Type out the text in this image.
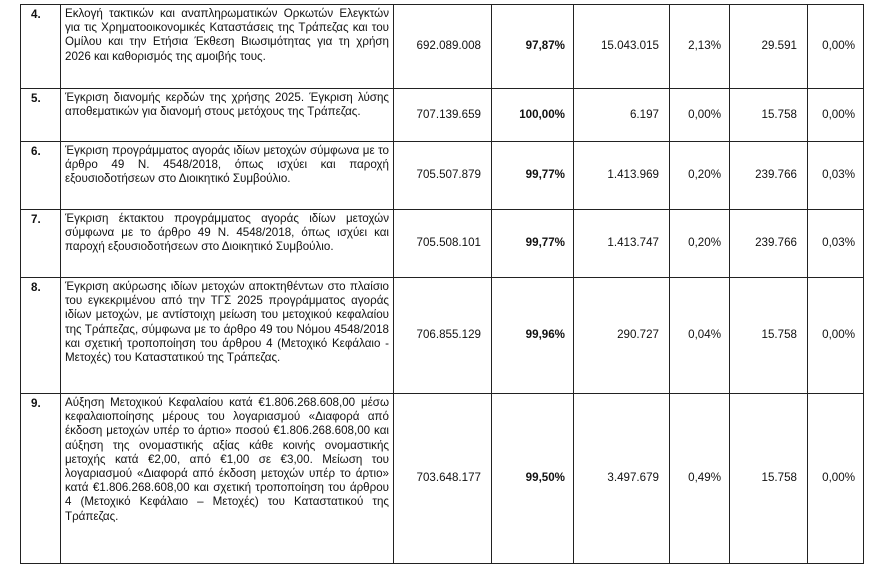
4.	Εκλογή τακτικών και αναπληρωματικών Ορκωτών Ελεγκτών για τις Χρηματοοικονομικές Καταστάσεις της Τράπεζας και του Ομίλου και την Ετήσια Έκθεση Βιωσιμότητας για τη χρήση 2026 και καθορισμός της αμοιβής τους.	692.089.008	97,87%	15.043.015	2,13%	29.591	0,00%
5.	Έγκριση διανομής κερδών της χρήσης 2025. Έγκριση λύσης αποθεματικών για διανομή στους μετόχους της Τράπεζας.	707.139.659	100,00%	6.197	0,00%	15.758	0,00%
6.	Έγκριση προγράμματος αγοράς ιδίων μετοχών σύμφωνα με το άρθρο 49 Ν. 4548/2018, όπως ισχύει και παροχή εξουσιοδοτήσεων στο Διοικητικό Συμβούλιο.	705.507.879	99,77%	1.413.969	0,20%	239.766	0,03%
7.	Έγκριση έκτακτου προγράμματος αγοράς ιδίων μετοχών σύμφωνα με το άρθρο 49 Ν. 4548/2018, όπως ισχύει και παροχή εξουσιοδοτήσεων στο Διοικητικό Συμβούλιο.	705.508.101	99,77%	1.413.747	0,20%	239.766	0,03%
8.	Έγκριση ακύρωσης ιδίων μετοχών αποκτηθέντων στο πλαίσιο του εγκεκριμένου από την ΤΓΣ 2025 προγράμματος αγοράς ιδίων μετοχών, με αντίστοιχη μείωση του μετοχικού κεφαλαίου της Τράπεζας, σύμφωνα με το άρθρο 49 του Νόμου 4548/2018 και σχετική τροποποίηση του άρθρου 4 (Μετοχικό Κεφάλαιο - Μετοχές) του Καταστατικού της Τράπεζας.	706.855.129	99,96%	290.727	0,04%	15.758	0,00%
9.	Αύξηση Μετοχικού Κεφαλαίου κατά €1.806.268.608,00 μέσω κεφαλαιοποίησης μέρους του λογαριασμού «Διαφορά από έκδοση μετοχών υπέρ το άρτιο» ποσού €1.806.268.608,00 και αύξηση της ονομαστικής αξίας κάθε κοινής ονομαστικής μετοχής κατά €2,00, από €1,00 σε €3,00. Μείωση του λογαριασμού «Διαφορά από έκδοση μετοχών υπέρ το άρτιο» κατά €1.806.268.608,00 και σχετική τροποποίηση του άρθρου 4 (Μετοχικό Κεφάλαιο – Μετοχές) του Καταστατικού της Τράπεζας.	703.648.177	99,50%	3.497.679	0,49%	15.758	0,00%
